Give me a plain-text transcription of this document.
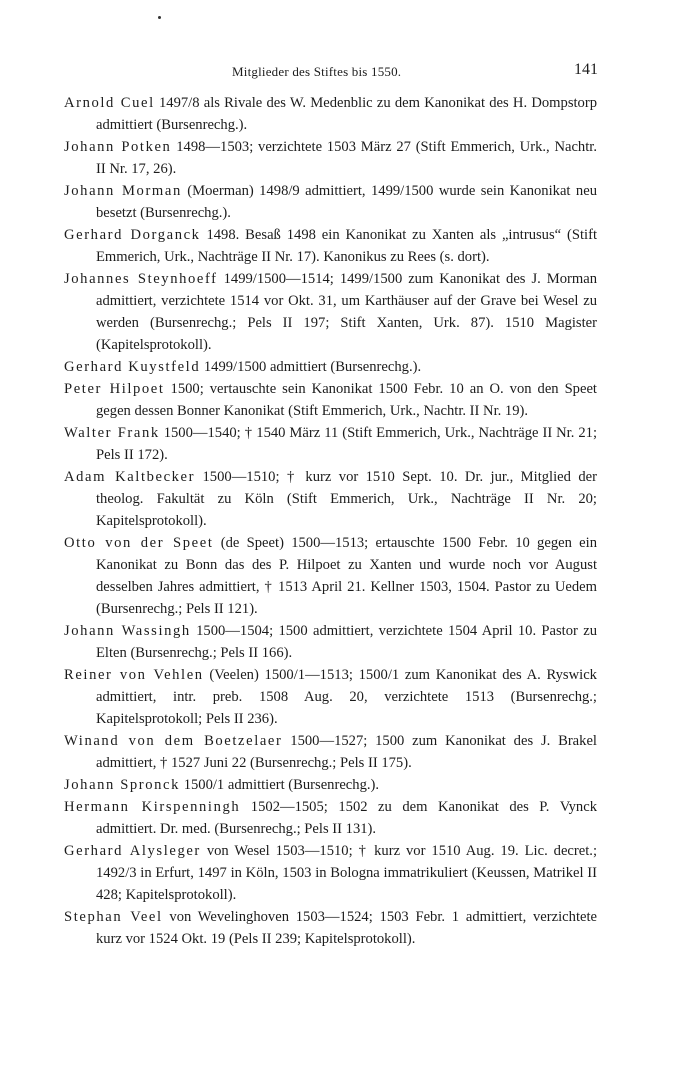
Mitglieder des Stiftes bis 1550.	141

Arnold Cuel 1497/8 als Rivale des W. Medenblic zu dem Kanonikat des H. Dompstorp admittiert (Bursenrechg.).

Johann Potken 1498—1503; verzichtete 1503 März 27 (Stift Emmerich, Urk., Nachtr. II Nr. 17, 26).

Johann Morman (Moerman) 1498/9 admittiert, 1499/1500 wurde sein Kanonikat neu besetzt (Bursenrechg.).

Gerhard Dorganck 1498. Besaß 1498 ein Kanonikat zu Xanten als „intrusus“ (Stift Emmerich, Urk., Nachträge II Nr. 17). Kanonikus zu Rees (s. dort).

Johannes Steynhoeff 1499/1500—1514; 1499/1500 zum Kanonikat des J. Morman admittiert, verzichtete 1514 vor Okt. 31, um Karthäuser auf der Grave bei Wesel zu werden (Bursenrechg.; Pels II 197; Stift Xanten, Urk. 87). 1510 Magister (Kapitelsprotokoll).

Gerhard Kuystfeld 1499/1500 admittiert (Bursenrechg.).

Peter Hilpoet 1500; vertauschte sein Kanonikat 1500 Febr. 10 an O. von den Speet gegen dessen Bonner Kanonikat (Stift Emmerich, Urk., Nachtr. II Nr. 19).

Walter Frank 1500—1540; † 1540 März 11 (Stift Emmerich, Urk., Nachträge II Nr. 21; Pels II 172).

Adam Kaltbecker 1500—1510; † kurz vor 1510 Sept. 10. Dr. jur., Mitglied der theolog. Fakultät zu Köln (Stift Emmerich, Urk., Nachträge II Nr. 20; Kapitelsprotokoll).

Otto von der Speet (de Speet) 1500—1513; ertauschte 1500 Febr. 10 gegen ein Kanonikat zu Bonn das des P. Hilpoet zu Xanten und wurde noch vor August desselben Jahres admittiert, † 1513 April 21. Kellner 1503, 1504. Pastor zu Uedem (Bursenrechg.; Pels II 121).

Johann Wassingh 1500—1504; 1500 admittiert, verzichtete 1504 April 10. Pastor zu Elten (Bursenrechg.; Pels II 166).

Reiner von Vehlen (Veelen) 1500/1—1513; 1500/1 zum Kanonikat des A. Ryswick admittiert, intr. preb. 1508 Aug. 20, verzichtete 1513 (Bursenrechg.; Kapitelsprotokoll; Pels II 236).

Winand von dem Boetzelaer 1500—1527; 1500 zum Kanonikat des J. Brakel admittiert, † 1527 Juni 22 (Bursenrechg.; Pels II 175).

Johann Spronck 1500/1 admittiert (Bursenrechg.).

Hermann Kirspenningh 1502—1505; 1502 zu dem Kanonikat des P. Vynck admittiert. Dr. med. (Bursenrechg.; Pels II 131).

Gerhard Alysleger von Wesel 1503—1510; † kurz vor 1510 Aug. 19. Lic. decret.; 1492/3 in Erfurt, 1497 in Köln, 1503 in Bologna immatrikuliert (Keussen, Matrikel II 428; Kapitelsprotokoll).

Stephan Veel von Wevelinghoven 1503—1524; 1503 Febr. 1 admittiert, verzichtete kurz vor 1524 Okt. 19 (Pels II 239; Kapitelsprotokoll).
